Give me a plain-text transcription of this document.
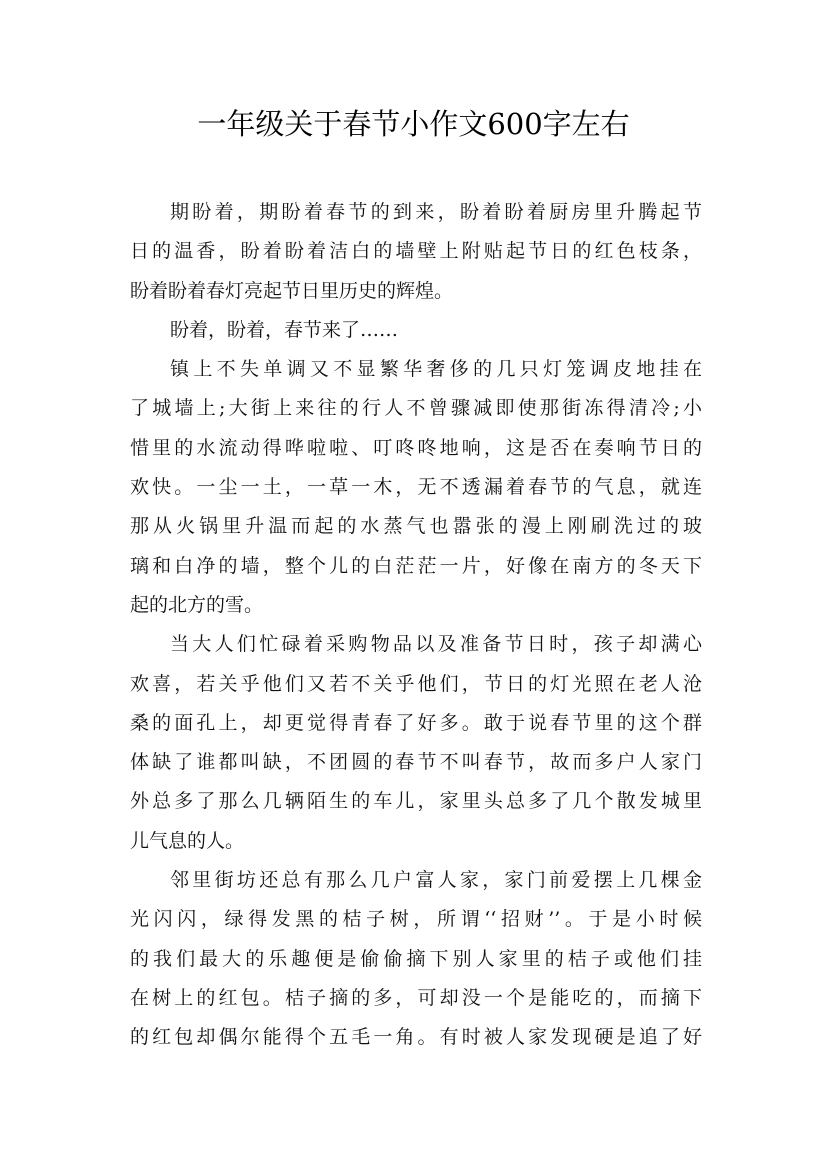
一年级关于春节小作文600字左右
期盼着，期盼着春节的到来，盼着盼着厨房里升腾起节
日的温香，盼着盼着洁白的墙壁上附贴起节日的红色枝条，
盼着盼着春灯亮起节日里历史的辉煌。
盼着，盼着，春节来了……
镇上不失单调又不显繁华奢侈的几只灯笼调皮地挂在
了城墙上;大街上来往的行人不曾骤减即使那街冻得清冷;小
惜里的水流动得哗啦啦、叮咚咚地响，这是否在奏响节日的
欢快。一尘一土，一草一木，无不透漏着春节的气息，就连
那从火锅里升温而起的水蒸气也嚣张的漫上刚刷洗过的玻
璃和白净的墙，整个儿的白茫茫一片，好像在南方的冬天下
起的北方的雪。
当大人们忙碌着采购物品以及准备节日时，孩子却满心
欢喜，若关乎他们又若不关乎他们，节日的灯光照在老人沧
桑的面孔上，却更觉得青春了好多。敢于说春节里的这个群
体缺了谁都叫缺，不团圆的春节不叫春节，故而多户人家门
外总多了那么几辆陌生的车儿，家里头总多了几个散发城里
儿气息的人。
邻里街坊还总有那么几户富人家，家门前爱摆上几棵金
光闪闪，绿得发黑的桔子树，所谓‘‘招财’’。于是小时候
的我们最大的乐趣便是偷偷摘下别人家里的桔子或他们挂
在树上的红包。桔子摘的多，可却没一个是能吃的，而摘下
的红包却偶尔能得个五毛一角。有时被人家发现硬是追了好
